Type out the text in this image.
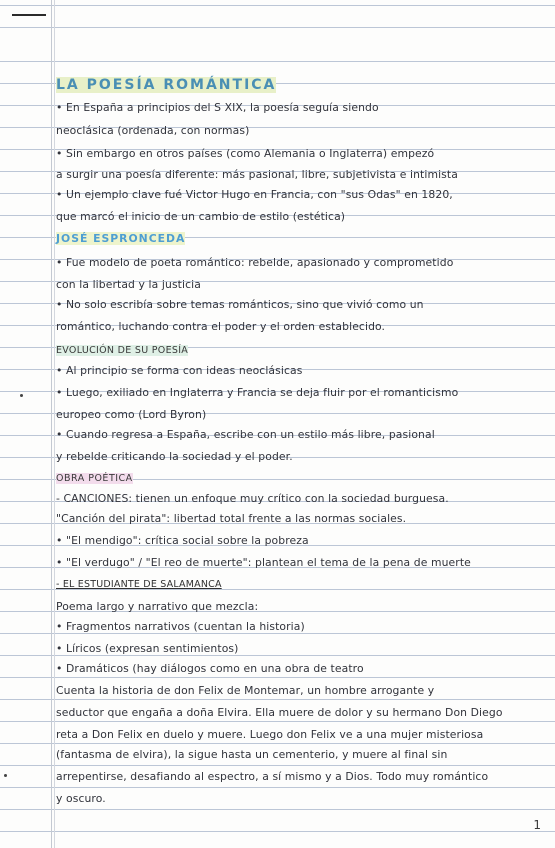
LA POESÍA ROMÁNTICA
• En España a principios del S XIX, la poesía seguía siendo
neoclásica (ordenada, con normas)
• Sin embargo en otros países (como Alemania o Inglaterra) empezó
a surgir una poesía diferente: más pasional, libre, subjetivista e intimista
• Un ejemplo clave fué Victor Hugo en Francia, con "sus Odas" en 1820,
que marcó el inicio de un cambio de estilo (estética)
JOSÉ ESPRONCEDA
• Fue modelo de poeta romántico: rebelde, apasionado y comprometido
con la libertad y la justicia
• No solo escribía sobre temas románticos, sino que vivió como un
romántico, luchando contra el poder y el orden establecido.
EVOLUCIÓN DE SU POESÍA
• Al principio se forma con ideas neoclásicas
• Luego, exiliado en Inglaterra y Francia se deja fluir por el romanticismo
europeo como (Lord Byron)
• Cuando regresa a España, escribe con un estilo más libre, pasional
y rebelde criticando la sociedad y el poder.
OBRA POÉTICA
- CANCIONES: tienen un enfoque muy crítico con la sociedad burguesa.
"Canción del pirata": libertad total frente a las normas sociales.
• "El mendigo": crítica social sobre la pobreza
• "El verdugo" / "El reo de muerte": plantean el tema de la pena de muerte
- EL ESTUDIANTE DE SALAMANCA
Poema largo y narrativo que mezcla:
• Fragmentos narrativos (cuentan la historia)
• Líricos (expresan sentimientos)
• Dramáticos (hay diálogos como en una obra de teatro
Cuenta la historia de don Felix de Montemar, un hombre arrogante y
seductor que engaña a doña Elvira. Ella muere de dolor y su hermano Don Diego
reta a Don Felix en duelo y muere. Luego don Felix ve a una mujer misteriosa
(fantasma de elvira), la sigue hasta un cementerio, y muere al final sin
arrepentirse, desafiando al espectro, a sí mismo y a Dios. Todo muy romántico
y oscuro.
1
